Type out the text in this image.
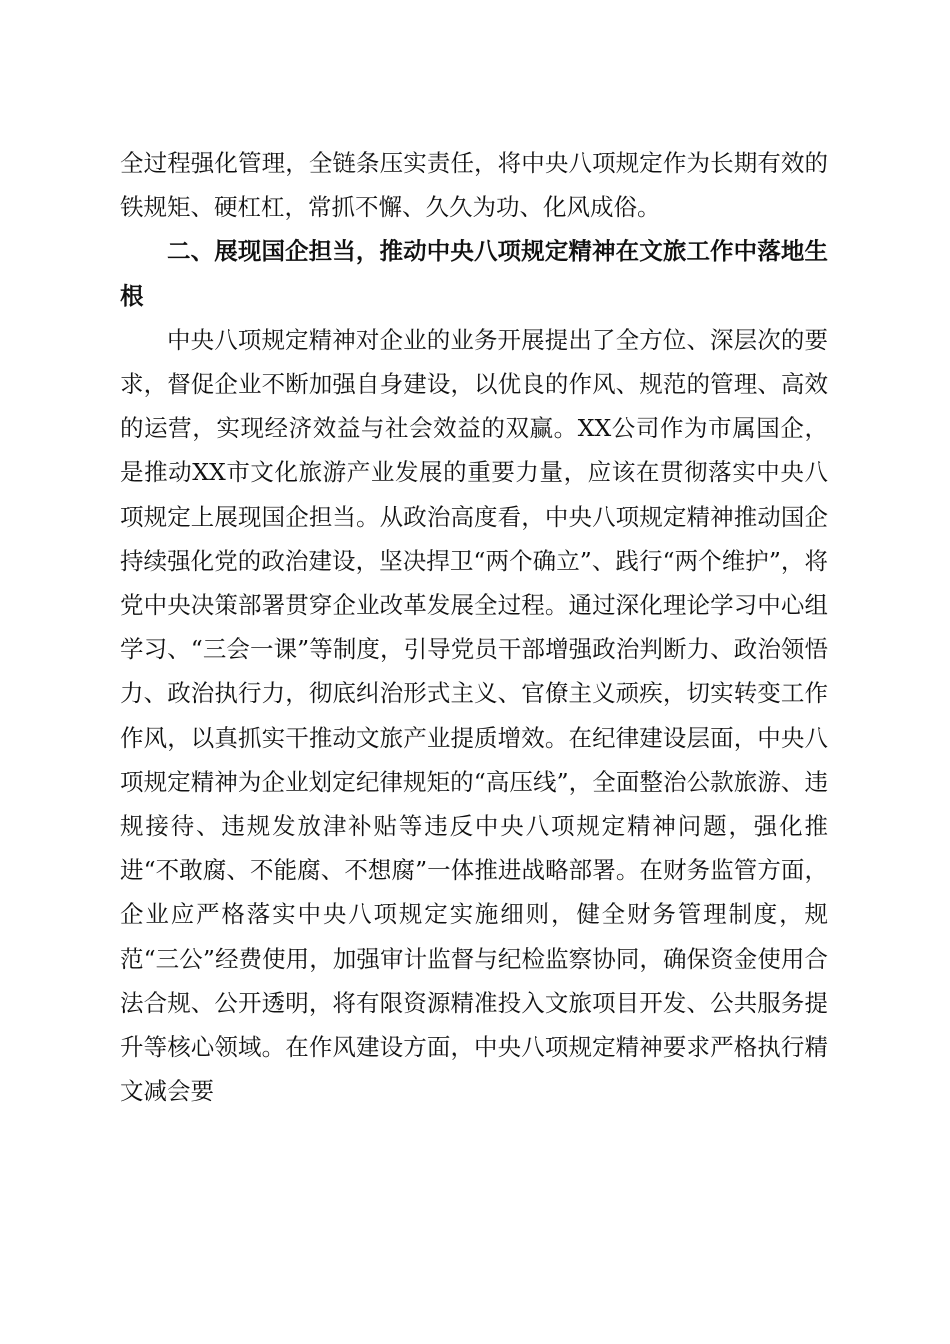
全过程强化管理，全链条压实责任，将中央八项规定作为长期有效的铁规矩、硬杠杠，常抓不懈、久久为功、化风成俗。

二、展现国企担当，推动中央八项规定精神在文旅工作中落地生根

中央八项规定精神对企业的业务开展提出了全方位、深层次的要求，督促企业不断加强自身建设，以优良的作风、规范的管理、高效的运营，实现经济效益与社会效益的双赢。XX公司作为市属国企，是推动XX市文化旅游产业发展的重要力量，应该在贯彻落实中央八项规定上展现国企担当。从政治高度看，中央八项规定精神推动国企持续强化党的政治建设，坚决捍卫“两个确立”、践行“两个维护”，将党中央决策部署贯穿企业改革发展全过程。通过深化理论学习中心组学习、“三会一课”等制度，引导党员干部增强政治判断力、政治领悟力、政治执行力，彻底纠治形式主义、官僚主义顽疾，切实转变工作作风，以真抓实干推动文旅产业提质增效。在纪律建设层面，中央八项规定精神为企业划定纪律规矩的“高压线”，全面整治公款旅游、违规接待、违规发放津补贴等违反中央八项规定精神问题，强化推进“不敢腐、不能腐、不想腐”一体推进战略部署。在财务监管方面，企业应严格落实中央八项规定实施细则，健全财务管理制度，规范“三公”经费使用，加强审计监督与纪检监察协同，确保资金使用合法合规、公开透明，将有限资源精准投入文旅项目开发、公共服务提升等核心领域。在作风建设方面，中央八项规定精神要求严格执行精文减会要
